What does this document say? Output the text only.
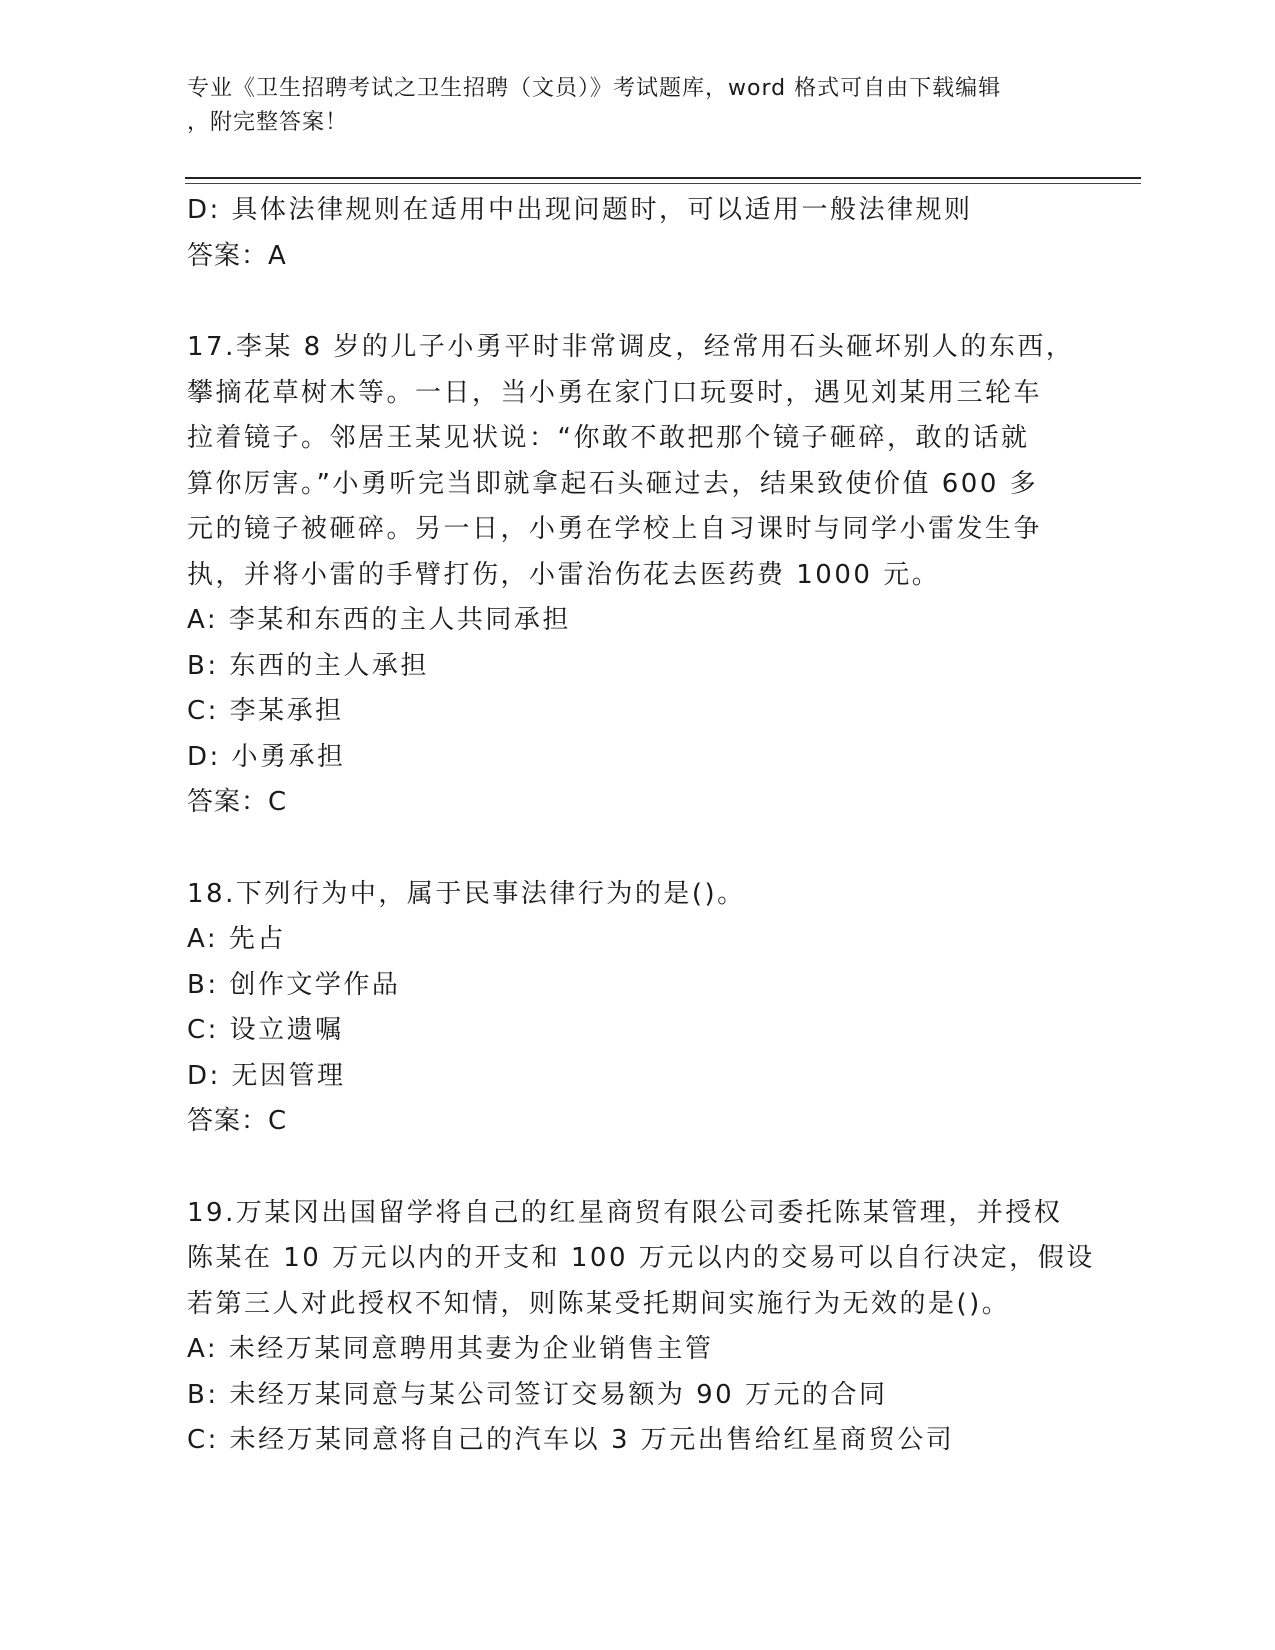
专业《卫生招聘考试之卫生招聘（文员）》考试题库，word 格式可自由下载编辑
，附完整答案！
D: 具体法律规则在适用中出现问题时，可以适用一般法律规则
答案：A
17.李某 8 岁的儿子小勇平时非常调皮，经常用石头砸坏别人的东西，
攀摘花草树木等。一日，当小勇在家门口玩耍时，遇见刘某用三轮车
拉着镜子。邻居王某见状说：“你敢不敢把那个镜子砸碎，敢的话就
算你厉害。”小勇听完当即就拿起石头砸过去，结果致使价值 600 多
元的镜子被砸碎。另一日，小勇在学校上自习课时与同学小雷发生争
执，并将小雷的手臂打伤，小雷治伤花去医药费 1000 元。
A: 李某和东西的主人共同承担
B: 东西的主人承担
C: 李某承担
D: 小勇承担
答案：C
18.下列行为中，属于民事法律行为的是()。
A: 先占
B: 创作文学作品
C: 设立遗嘱
D: 无因管理
答案：C
19.万某冈出国留学将自己的红星商贸有限公司委托陈某管理，并授权
陈某在 10 万元以内的开支和 100 万元以内的交易可以自行决定，假设
若第三人对此授权不知情，则陈某受托期间实施行为无效的是()。
A: 未经万某同意聘用其妻为企业销售主管
B: 未经万某同意与某公司签订交易额为 90 万元的合同
C: 未经万某同意将自己的汽车以 3 万元出售给红星商贸公司
